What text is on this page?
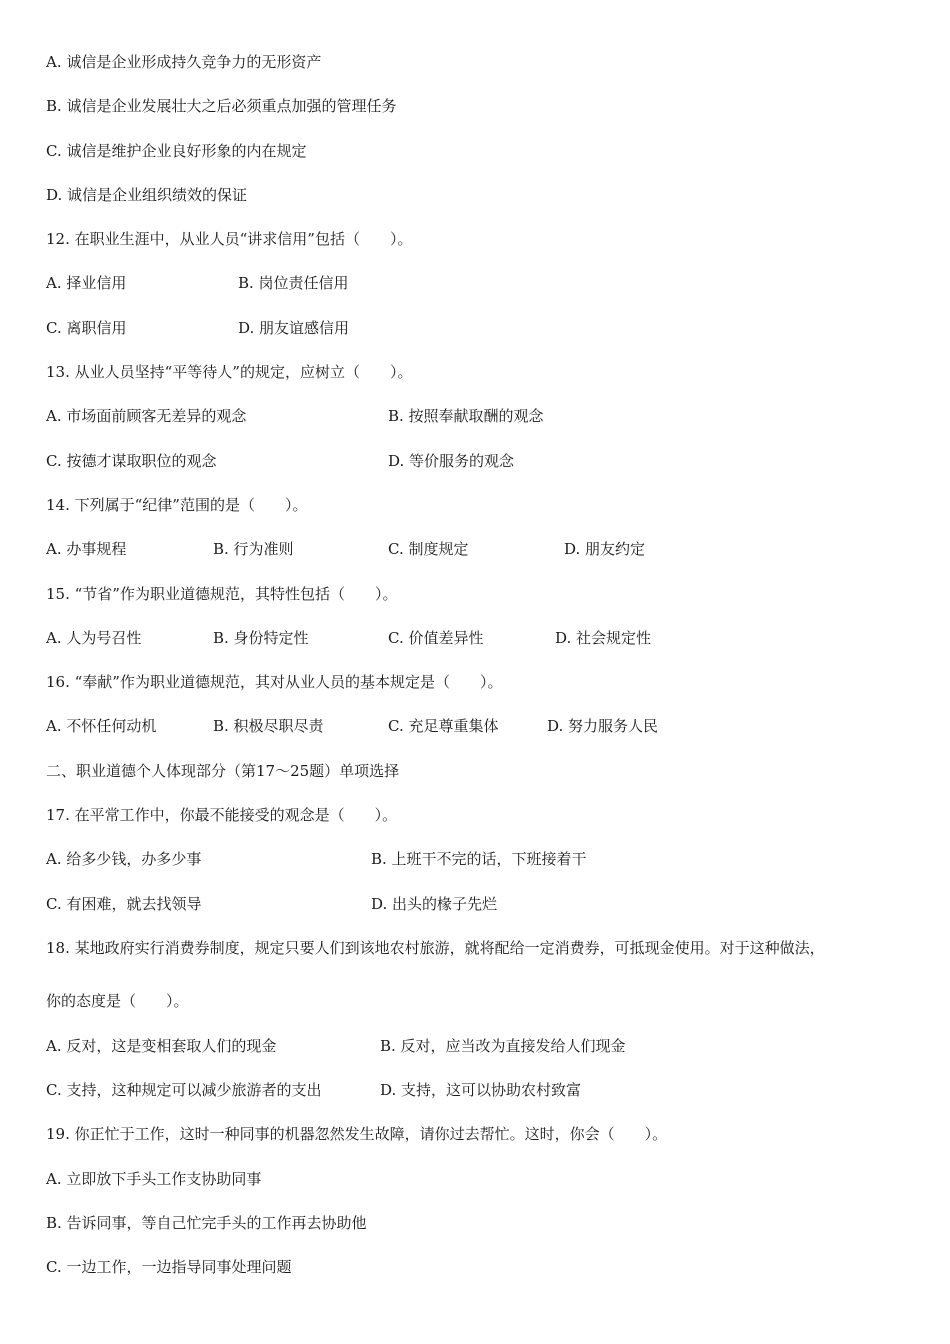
A. 诚信是企业形成持久竞争力的无形资产
B. 诚信是企业发展壮大之后必须重点加强的管理任务
C. 诚信是维护企业良好形象的内在规定
D. 诚信是企业组织绩效的保证
12. 在职业生涯中，从业人员“讲求信用”包括（　　）。
A. 择业信用	B. 岗位责任信用
C. 离职信用	D. 朋友谊感信用
13. 从业人员坚持“平等待人”的规定，应树立（　　）。
A. 市场面前顾客无差异的观念	B. 按照奉献取酬的观念
C. 按德才谋取职位的观念	D. 等价服务的观念
14. 下列属于“纪律”范围的是（　　）。
A. 办事规程	B. 行为准则	C. 制度规定	D. 朋友约定
15. “节省”作为职业道德规范，其特性包括（　　）。
A. 人为号召性	B. 身份特定性	C. 价值差异性	D. 社会规定性
16. “奉献”作为职业道德规范，其对从业人员的基本规定是（　　）。
A. 不怀任何动机	B. 积极尽职尽责	C. 充足尊重集体	D. 努力服务人民
二、职业道德个人体现部分（第17～25题）单项选择
17. 在平常工作中，你最不能接受的观念是（　　）。
A. 给多少钱，办多少事	B. 上班干不完的话，下班接着干
C. 有困难，就去找领导	D. 出头的椽子先烂
18. 某地政府实行消费券制度，规定只要人们到该地农村旅游，就将配给一定消费券，可抵现金使用。对于这种做法，
你的态度是（　　）。
A. 反对，这是变相套取人们的现金	B. 反对，应当改为直接发给人们现金
C. 支持，这种规定可以减少旅游者的支出	D. 支持，这可以协助农村致富
19. 你正忙于工作，这时一种同事的机器忽然发生故障，请你过去帮忙。这时，你会（　　）。
A. 立即放下手头工作支协助同事
B. 告诉同事，等自己忙完手头的工作再去协助他
C. 一边工作，一边指导同事处理问题
